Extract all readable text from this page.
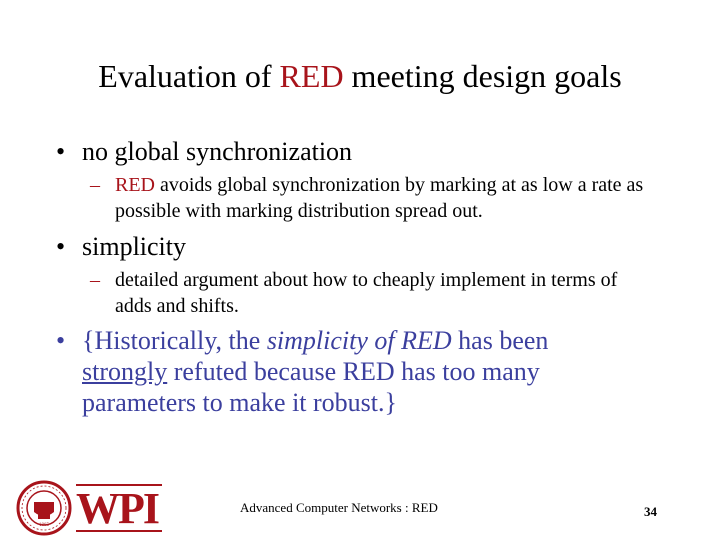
Evaluation of RED meeting design goals
• no global synchronization
– RED avoids global synchronization by marking at as low a rate as possible with marking distribution spread out.
• simplicity
– detailed argument about how to cheaply implement in terms of adds and shifts.
• {Historically, the simplicity of RED has been strongly refuted because RED has too many parameters to make it robust.}
1865 WPI	Advanced Computer Networks : RED	34
